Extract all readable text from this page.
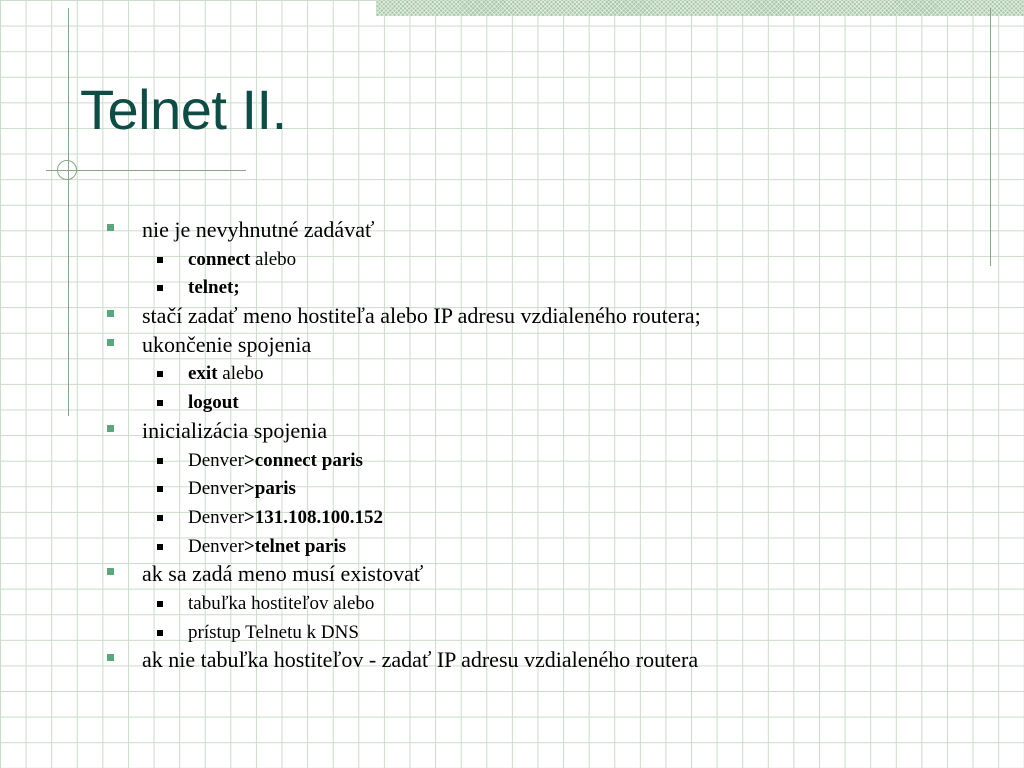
Telnet II.
nie je nevyhnutné zadávať
connect alebo
telnet;
stačí zadať meno hostiteľa alebo IP adresu vzdialeného routera;
ukončenie spojenia
exit alebo
logout
inicializácia spojenia
Denver>connect paris
Denver>paris
Denver>131.108.100.152
Denver>telnet paris
ak sa zadá meno musí existovať
tabuľka hostiteľov alebo
prístup Telnetu k DNS
ak nie tabuľka hostiteľov - zadať IP adresu vzdialeného routera
